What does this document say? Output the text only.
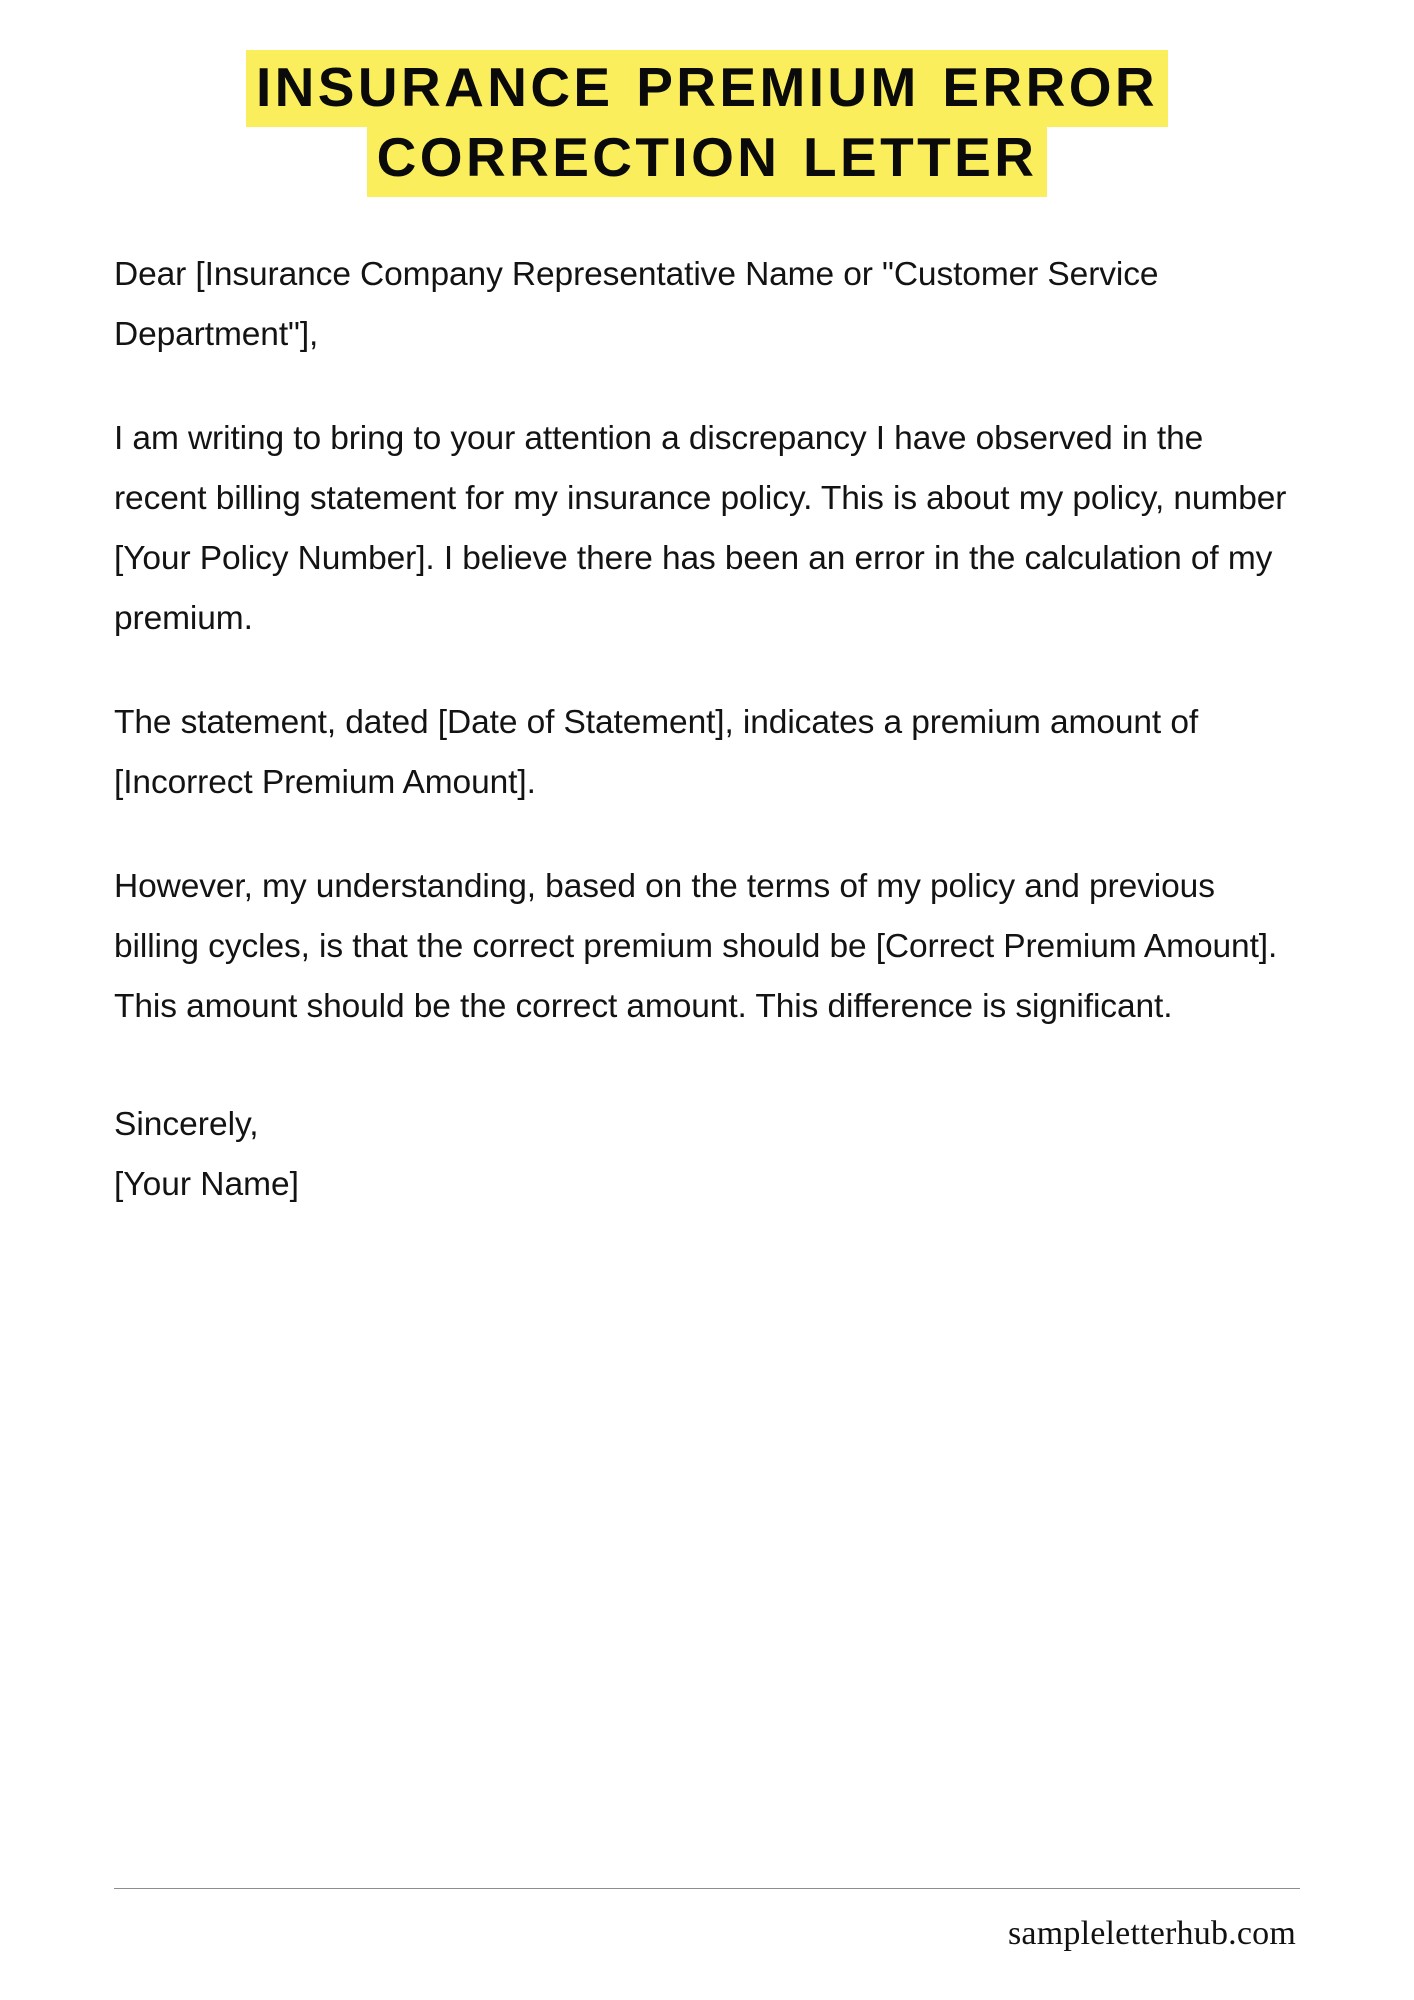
INSURANCE PREMIUM ERROR CORRECTION LETTER

Dear [Insurance Company Representative Name or "Customer Service Department"],

I am writing to bring to your attention a discrepancy I have observed in the recent billing statement for my insurance policy. This is about my policy, number [Your Policy Number]. I believe there has been an error in the calculation of my premium.

The statement, dated [Date of Statement], indicates a premium amount of [Incorrect Premium Amount].

However, my understanding, based on the terms of my policy and previous billing cycles, is that the correct premium should be [Correct Premium Amount]. This amount should be the correct amount. This difference is significant.

Sincerely,

[Your Name]

sampleletterhub.com
